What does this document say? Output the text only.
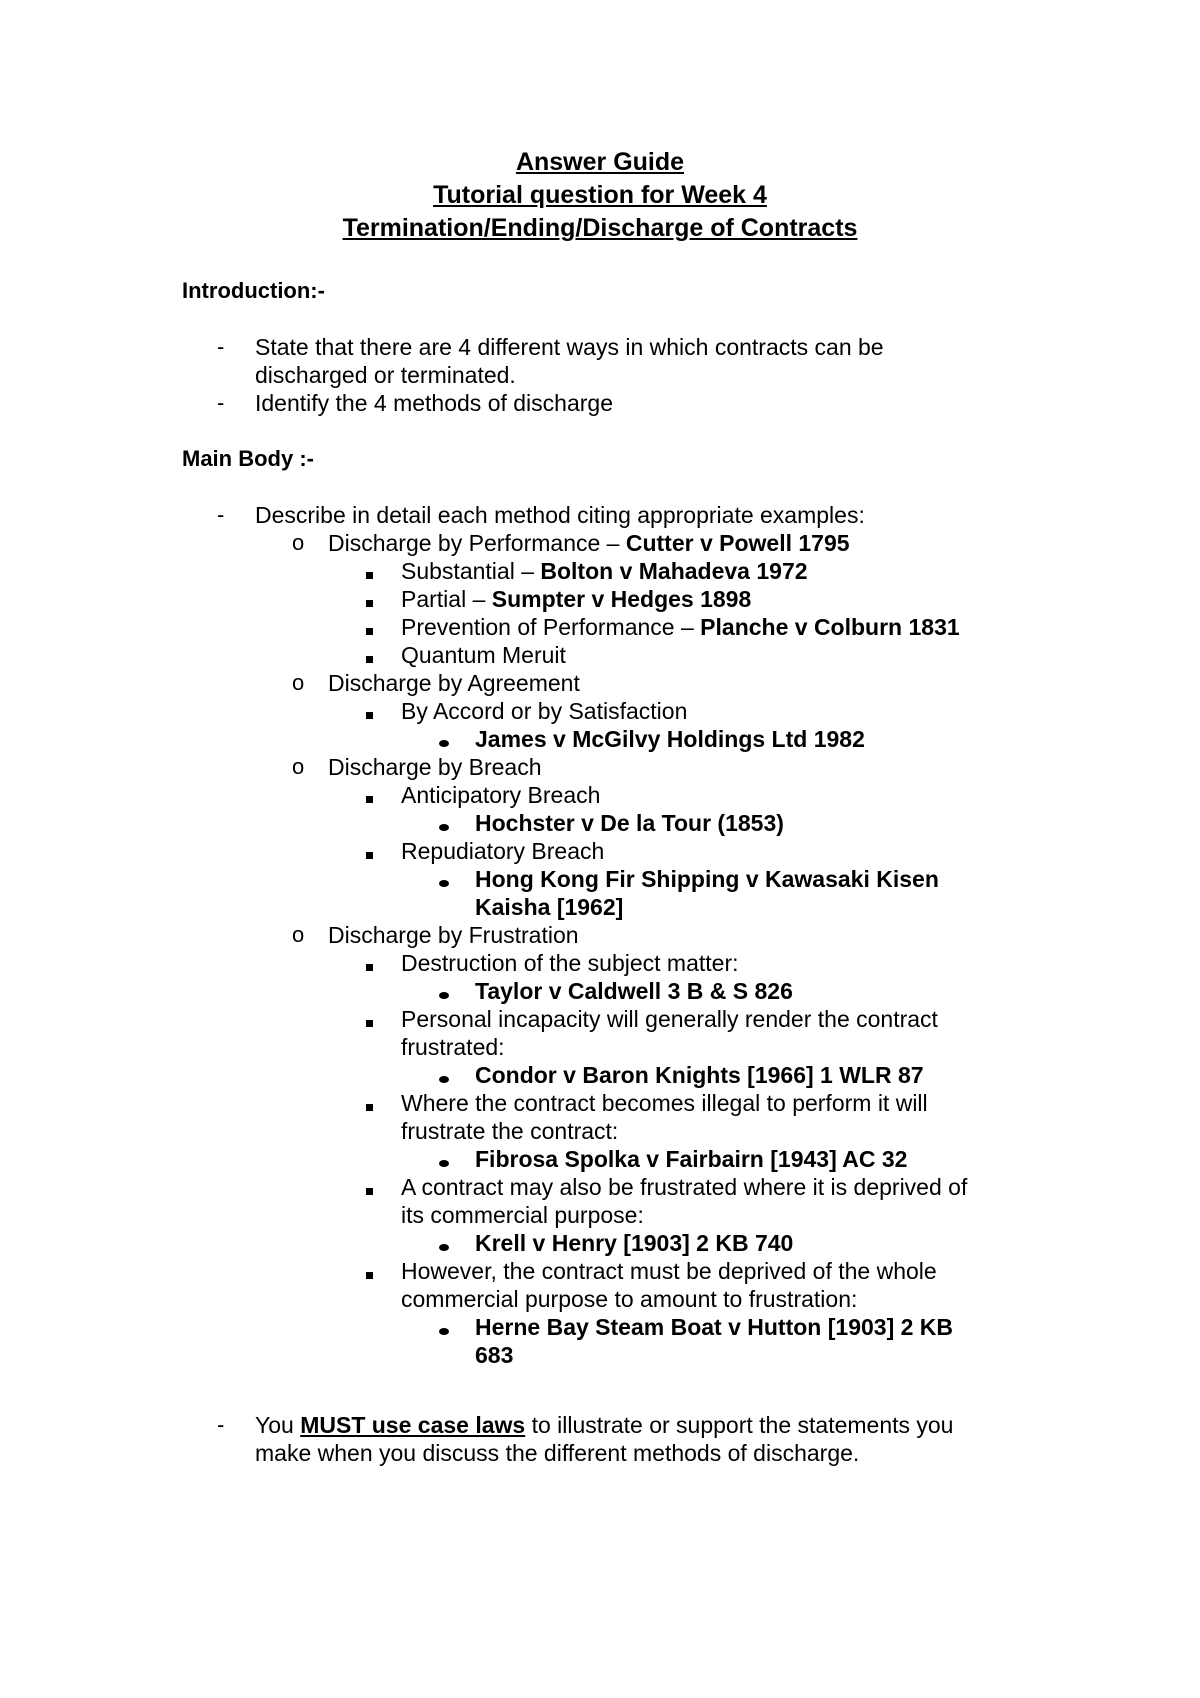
Answer Guide
Tutorial question for Week 4
Termination/Ending/Discharge of Contracts
Introduction:-
- State that there are 4 different ways in which contracts can be
discharged or terminated.
- Identify the 4 methods of discharge
Main Body :-
- Describe in detail each method citing appropriate examples:
o Discharge by Performance – Cutter v Powell 1795
Substantial – Bolton v Mahadeva 1972
Partial – Sumpter v Hedges 1898
Prevention of Performance – Planche v Colburn 1831
Quantum Meruit
o Discharge by Agreement
By Accord or by Satisfaction
James v McGilvy Holdings Ltd 1982
o Discharge by Breach
Anticipatory Breach
Hochster v De la Tour (1853)
Repudiatory Breach
Hong Kong Fir Shipping v Kawasaki Kisen
Kaisha [1962]
o Discharge by Frustration
Destruction of the subject matter:
Taylor v Caldwell 3 B & S 826
Personal incapacity will generally render the contract
frustrated:
Condor v Baron Knights [1966] 1 WLR 87
Where the contract becomes illegal to perform it will
frustrate the contract:
Fibrosa Spolka v Fairbairn [1943] AC 32
A contract may also be frustrated where it is deprived of
its commercial purpose:
Krell v Henry [1903] 2 KB 740
However, the contract must be deprived of the whole
commercial purpose to amount to frustration:
Herne Bay Steam Boat v Hutton [1903] 2 KB
683
- You MUST use case laws to illustrate or support the statements you
make when you discuss the different methods of discharge.
